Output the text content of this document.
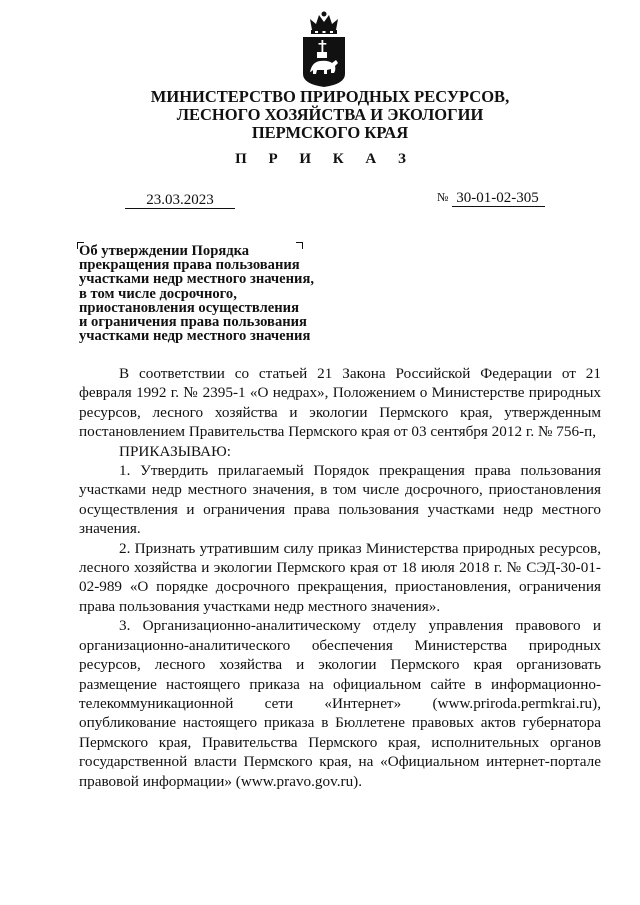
МИНИСТЕРСТВО ПРИРОДНЫХ РЕСУРСОВ,
ЛЕСНОГО ХОЗЯЙСТВА И ЭКОЛОГИИ
ПЕРМСКОГО КРАЯ
П Р И К А З
23.03.2023	№ 30-01-02-305
Об утверждении Порядка
прекращения права пользования
участками недр местного значения,
в том числе досрочного,
приостановления осуществления
и ограничения права пользования
участками недр местного значения

В соответствии со статьей 21 Закона Российской Федерации от 21 февраля 1992 г. № 2395-1 «О недрах», Положением о Министерстве природных ресурсов, лесного хозяйства и экологии Пермского края, утвержденным постановлением Правительства Пермского края от 03 сентября 2012 г. № 756-п,

ПРИКАЗЫВАЮ:

1. Утвердить прилагаемый Порядок прекращения права пользования участками недр местного значения, в том числе досрочного, приостановления осуществления и ограничения права пользования участками недр местного значения.

2. Признать утратившим силу приказ Министерства природных ресурсов, лесного хозяйства и экологии Пермского края от 18 июля 2018 г. № СЭД-30-01-02-989 «О порядке досрочного прекращения, приостановления, ограничения права пользования участками недр местного значения».

3. Организационно-аналитическому отделу управления правового и организационно-аналитического обеспечения Министерства природных ресурсов, лесного хозяйства и экологии Пермского края организовать размещение настоящего приказа на официальном сайте в информационно-телекоммуникационной сети «Интернет» (www.priroda.permkrai.ru), опубликование настоящего приказа в Бюллетене правовых актов губернатора Пермского края, Правительства Пермского края, исполнительных органов государственной власти Пермского края, на «Официальном интернет-портале правовой информации» (www.pravo.gov.ru).
